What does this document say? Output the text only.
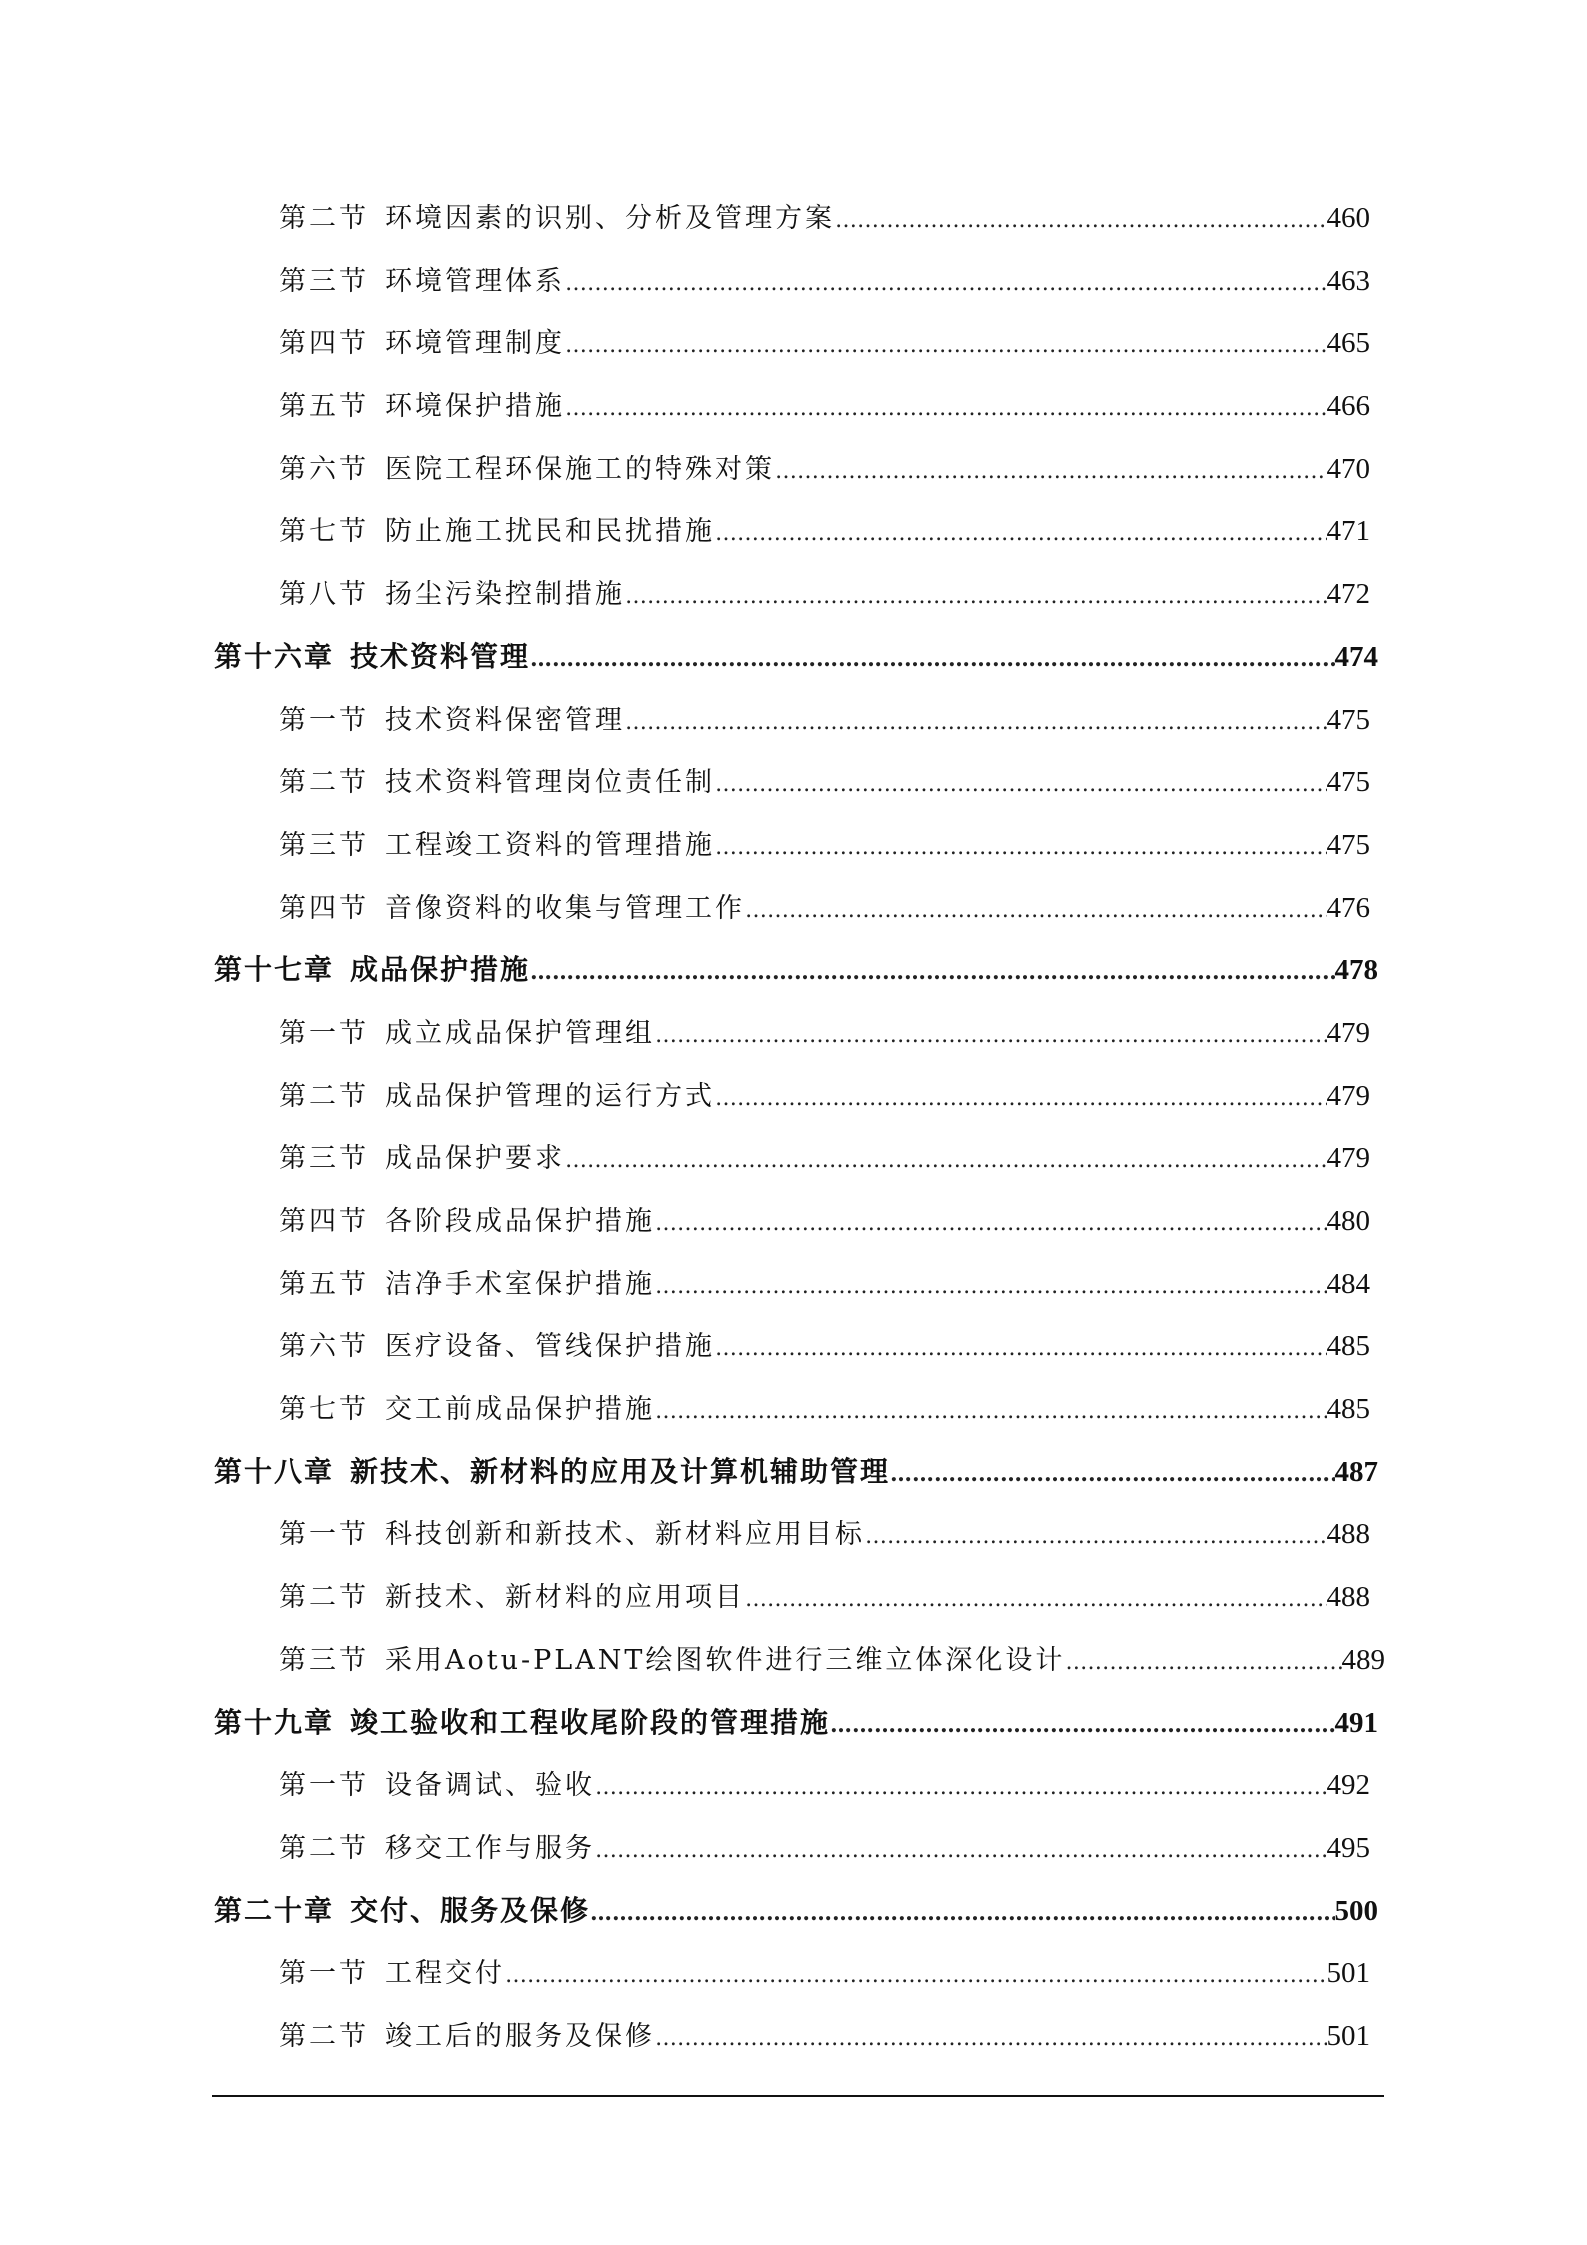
第二节 环境因素的识别、分析及管理方案 ……………………………………………………………………………………………………………………………………………………………………………………………………	460
第三节 环境管理体系 ……………………………………………………………………………………………………………………………………………………………………………………………………	463
第四节 环境管理制度 ……………………………………………………………………………………………………………………………………………………………………………………………………	465
第五节 环境保护措施 ……………………………………………………………………………………………………………………………………………………………………………………………………	466
第六节 医院工程环保施工的特殊对策 ……………………………………………………………………………………………………………………………………………………………………………………………………	470
第七节 防止施工扰民和民扰措施 ……………………………………………………………………………………………………………………………………………………………………………………………………	471
第八节 扬尘污染控制措施 ……………………………………………………………………………………………………………………………………………………………………………………………………	472
第十六章 技术资料管理 ……………………………………………………………………………………………………………………………………………………………………………………………………	474
第一节 技术资料保密管理 ……………………………………………………………………………………………………………………………………………………………………………………………………	475
第二节 技术资料管理岗位责任制 ……………………………………………………………………………………………………………………………………………………………………………………………………	475
第三节 工程竣工资料的管理措施 ……………………………………………………………………………………………………………………………………………………………………………………………………	475
第四节 音像资料的收集与管理工作 ……………………………………………………………………………………………………………………………………………………………………………………………………	476
第十七章 成品保护措施 ……………………………………………………………………………………………………………………………………………………………………………………………………	478
第一节 成立成品保护管理组 ……………………………………………………………………………………………………………………………………………………………………………………………………	479
第二节 成品保护管理的运行方式 ……………………………………………………………………………………………………………………………………………………………………………………………………	479
第三节 成品保护要求 ……………………………………………………………………………………………………………………………………………………………………………………………………	479
第四节 各阶段成品保护措施 ……………………………………………………………………………………………………………………………………………………………………………………………………	480
第五节 洁净手术室保护措施 ……………………………………………………………………………………………………………………………………………………………………………………………………	484
第六节 医疗设备、管线保护措施 ……………………………………………………………………………………………………………………………………………………………………………………………………	485
第七节 交工前成品保护措施 ……………………………………………………………………………………………………………………………………………………………………………………………………	485
第十八章 新技术、新材料的应用及计算机辅助管理 ……………………………………………………………………………………………………………………………………………………………………………………………………	487
第一节 科技创新和新技术、新材料应用目标 ……………………………………………………………………………………………………………………………………………………………………………………………………	488
第二节 新技术、新材料的应用项目 ……………………………………………………………………………………………………………………………………………………………………………………………………	488
第三节 采用Aotu-PLANT绘图软件进行三维立体深化设计 ……………………………………………………………………………………………………………………………………………………………………………………………………	489
第十九章 竣工验收和工程收尾阶段的管理措施 ……………………………………………………………………………………………………………………………………………………………………………………………………	491
第一节 设备调试、验收 ……………………………………………………………………………………………………………………………………………………………………………………………………	492
第二节 移交工作与服务 ……………………………………………………………………………………………………………………………………………………………………………………………………	495
第二十章 交付、服务及保修 ……………………………………………………………………………………………………………………………………………………………………………………………………	500
第一节 工程交付 ……………………………………………………………………………………………………………………………………………………………………………………………………	501
第二节 竣工后的服务及保修 ……………………………………………………………………………………………………………………………………………………………………………………………………	501
